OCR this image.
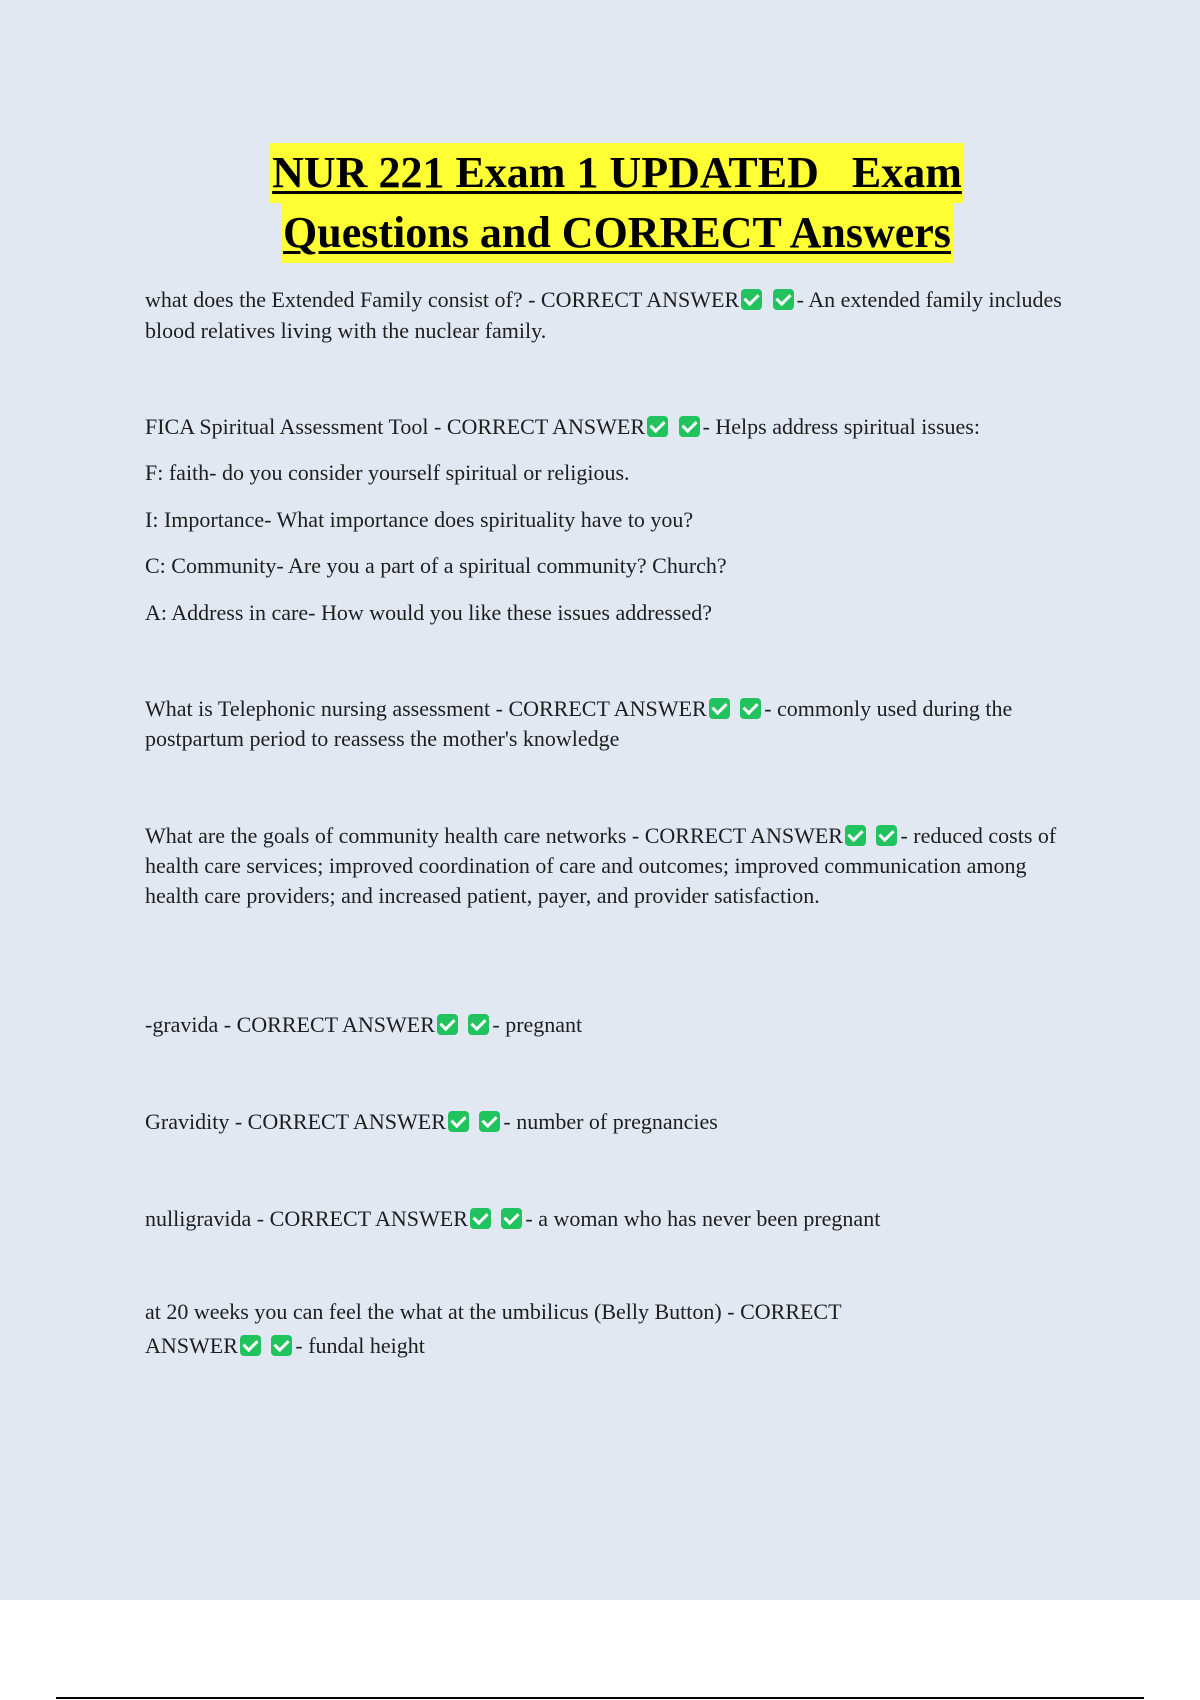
NUR 221 Exam 1 UPDATED   Exam
Questions and CORRECT Answers
what does the Extended Family consist of? - CORRECT ANSWER	- An extended family includes blood relatives living with the nuclear family.
FICA Spiritual Assessment Tool - CORRECT ANSWER	- Helps address spiritual issues:
F: faith- do you consider yourself spiritual or religious.
I: Importance- What importance does spirituality have to you?
C: Community- Are you a part of a spiritual community? Church?
A: Address in care- How would you like these issues addressed?
What is Telephonic nursing assessment - CORRECT ANSWER	- commonly used during the postpartum period to reassess the mother's knowledge
What are the goals of community health care networks - CORRECT ANSWER	- reduced costs of health care services; improved coordination of care and outcomes; improved communication among health care providers; and increased patient, payer, and provider satisfaction.
-gravida - CORRECT ANSWER	- pregnant
Gravidity - CORRECT ANSWER	- number of pregnancies
nulligravida - CORRECT ANSWER	- a woman who has never been pregnant
at 20 weeks you can feel the what at the umbilicus (Belly Button) - CORRECT ANSWER	- fundal height
